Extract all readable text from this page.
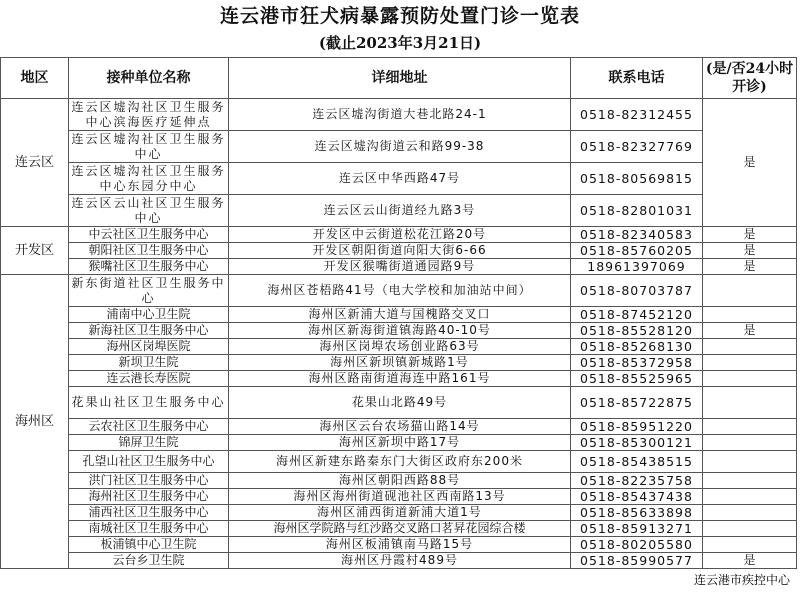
连云港市狂犬病暴露预防处置门诊一览表
(截止2023年3月21日)
地区	接种单位名称	详细地址	联系电话	(是/否24小时开诊)
连云区	连云区墟沟社区卫生服务中心滨海医疗延伸点	连云区墟沟街道大巷北路24-1	0518-82312455	是
	连云区墟沟社区卫生服务中心	连云区墟沟街道云和路99-38	0518-82327769	
	连云区墟沟社区卫生服务中心东园分中心	连云区中华西路47号	0518-80569815	
	连云区云山社区卫生服务中心	连云区云山街道经九路3号	0518-82801031	
开发区	中云社区卫生服务中心	开发区中云街道松花江路20号	0518-82340583	是
	朝阳社区卫生服务中心	开发区朝阳街道向阳大街6-66	0518-85760205	是
	猴嘴社区卫生服务中心	开发区猴嘴街道通园路9号	18961397069	是
海州区	新东街道社区卫生服务中心	海州区苍梧路41号（电大学校和加油站中间）	0518-80703787	
	浦南中心卫生院	海州区新浦大道与国槐路交叉口	0518-87452120	
	新海社区卫生服务中心	海州区新海街道镇海路40-10号	0518-85528120	是
	海州区岗埠医院	海州区岗埠农场创业路63号	0518-85268130	
	新坝卫生院	海州区新坝镇新城路1号	0518-85372958	
	连云港长寿医院	海州区路南街道海连中路161号	0518-85525965	
	花果山社区卫生服务中心	花果山北路49号	0518-85722875	
	云农社区卫生服务中心	海州区云台农场猫山路14号	0518-85951220	
	锦屏卫生院	海州区新坝中路17号	0518-85300121	
	孔望山社区卫生服务中心	海州区新建东路秦东门大街区政府东200米	0518-85438515	
	洪门社区卫生服务中心	海州区朝阳西路88号	0518-82235758	
	海州社区卫生服务中心	海州区海州街道砚池社区西南路13号	0518-85437438	
	浦西社区卫生服务中心	海州区浦西街道新浦大道1号	0518-85633898	
	南城社区卫生服务中心	海州区学院路与红沙路交叉路口茗昇花园综合楼	0518-85913271	
	板浦镇中心卫生院	海州区板浦镇南马路15号	0518-80205580	
	云台乡卫生院	海州区丹霞村489号	0518-85990577	是
连云港市疾控中心
